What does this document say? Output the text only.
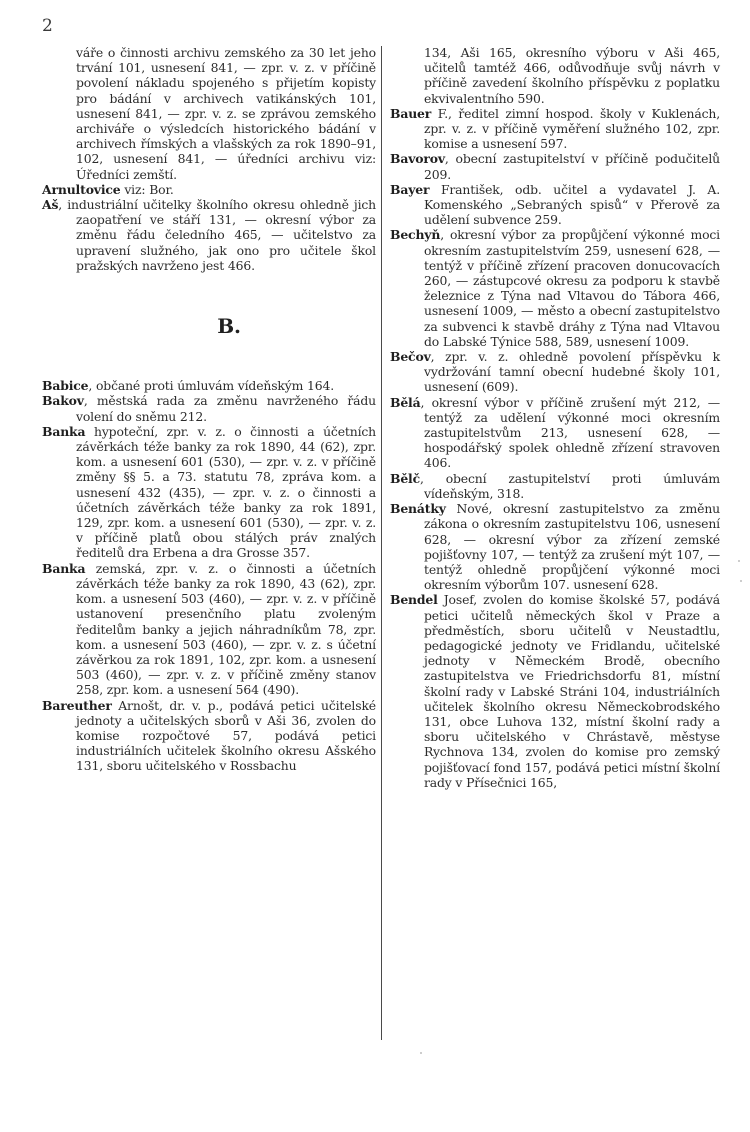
2

váře o činnosti archivu zemského za 30 let jeho trvání 101, usnesení 841, — zpr. v. z. v příčině povolení nákladu spojeného s přijetím kopisty pro bádání v archivech vatikánských 101, usnesení 841, — zpr. v. z. se zprávou zemského archiváře o výsledcích historického bádání v archivech římských a vlašských za rok 1890–91, 102, usnesení 841, — úředníci archivu viz: Úředníci zemští.

Arnultovice viz: Bor.

Aš, industriální učitelky školního okresu ohledně jich zaopatření ve stáří 131, — okresní výbor za změnu řádu čeledního 465, — učitelstvo za upravení služného, jak ono pro učitele škol pražských navrženo jest 466.

B.

Babice, občané proti úmluvám vídeňským 164.

Bakov, městská rada za změnu navrženého řádu volení do sněmu 212.

Banka hypoteční, zpr. v. z. o činnosti a účetních závěrkách téže banky za rok 1890, 44 (62), zpr. kom. a usnesení 601 (530), — zpr. v. z. v příčině změny §§ 5. a 73. statutu 78, zpráva kom. a usnesení 432 (435), — zpr. v. z. o činnosti a účetních závěrkách téže banky za rok 1891, 129, zpr. kom. a usnesení 601 (530), — zpr. v. z. v příčině platů obou stálých práv znalých ředitelů dra Erbena a dra Grosse 357.

Banka zemská, zpr. v. z. o činnosti a účetních závěrkách téže banky za rok 1890, 43 (62), zpr. kom. a usnesení 503 (460), — zpr. v. z. v příčině ustanovení presenčního platu zvoleným ředitelům banky a jejich náhradníkům 78, zpr. kom. a usnesení 503 (460), — zpr. v. z. s účetní závěrkou za rok 1891, 102, zpr. kom. a usnesení 503 (460), — zpr. v. z. v příčině změny stanov 258, zpr. kom. a usnesení 564 (490).

Bareuther Arnošt, dr. v. p., podává petici učitelské jednoty a učitelských sborů v Aši 36, zvolen do komise rozpočtové 57, podává petici industriálních učitelek školního okresu Ašského 131, sboru učitelského v Rossbachu

134, Aši 165, okresního výboru v Aši 465, učitelů tamtéž 466, odůvodňuje svůj návrh v příčině zavedení školního příspěvku z poplatku ekvivalentního 590.

Bauer F., ředitel zimní hospod. školy v Kuklenách, zpr. v. z. v příčině vyměření služného 102, zpr. komise a usnesení 597.

Bavorov, obecní zastupitelství v příčině podučitelů 209.

Bayer František, odb. učitel a vydavatel J. A. Komenského „Sebraných spisů“ v Přerově za udělení subvence 259.

Bechyň, okresní výbor za propůjčení výkonné moci okresním zastupitelstvím 259, usnesení 628, — tentýž v příčině zřízení pracoven donucovacích 260, — zástupcové okresu za podporu k stavbě železnice z Týna nad Vltavou do Tábora 466, usnesení 1009, — město a obecní zastupitelstvo za subvenci k stavbě dráhy z Týna nad Vltavou do Labské Týnice 588, 589, usnesení 1009.

Bečov, zpr. v. z. ohledně povolení příspěvku k vydržování tamní obecní hudebné školy 101, usnesení (609).

Bělá, okresní výbor v příčině zrušení mýt 212, — tentýž za udělení výkonné moci okresním zastupitelstvům 213, usnesení 628, — hospodářský spolek ohledně zřízení stravoven 406.

Bělč, obecní zastupitelství proti úmluvám vídeňským, 318.

Benátky Nové, okresní zastupitelstvo za změnu zákona o okresním zastupitelstvu 106, usnesení 628, — okresní výbor za zřízení zemské pojišťovny 107, — tentýž za zrušení mýt 107, — tentýž ohledně propůjčení výkonné moci okresním výborům 107. usnesení 628.

Bendel Josef, zvolen do komise školské 57, podává petici učitelů německých škol v Praze a předměstích, sboru učitelů v Neustadtlu, pedagogické jednoty ve Fridlandu, učitelské jednoty v Německém Brodě, obecního zastupitelstva ve Friedrichsdorfu 81, místní školní rady v Labské Stráni 104, industriálních učitelek školního okresu Německobrodského 131, obce Luhova 132, místní školní rady a sboru učitelského v Chrástavě, městyse Rychnova 134, zvolen do komise pro zemský pojišťovací fond 157, podává petici místní školní rady v Přísečnici 165,
